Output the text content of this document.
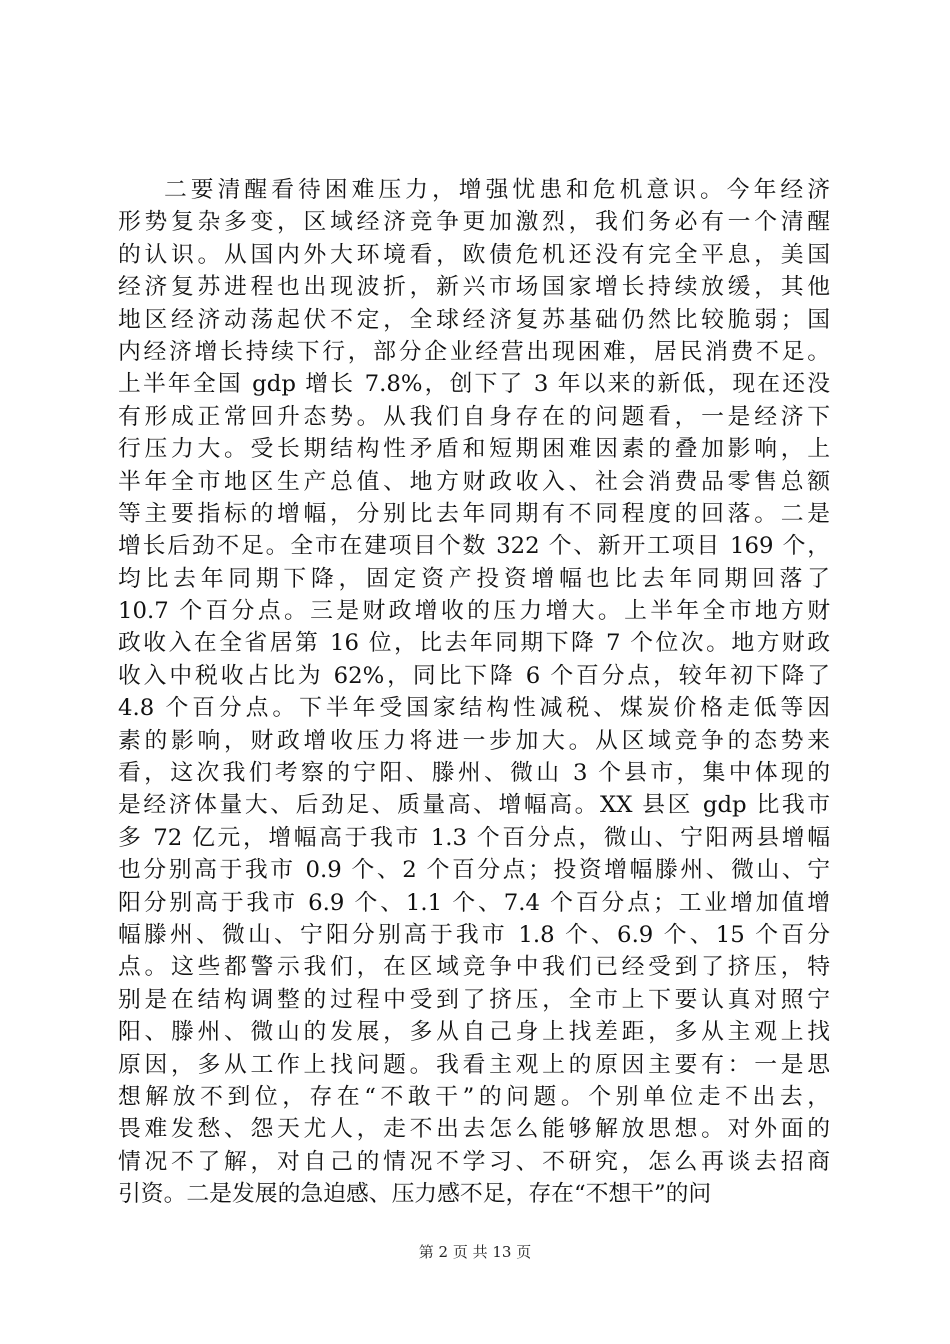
二要清醒看待困难压力，增强忧患和危机意识。今年经济
形势复杂多变，区域经济竞争更加激烈，我们务必有一个清醒
的认识。从国内外大环境看，欧债危机还没有完全平息，美国
经济复苏进程也出现波折，新兴市场国家增长持续放缓，其他
地区经济动荡起伏不定，全球经济复苏基础仍然比较脆弱；国
内经济增长持续下行，部分企业经营出现困难，居民消费不足。
上半年全国 gdp 增长 7.8%，创下了 3 年以来的新低，现在还没
有形成正常回升态势。从我们自身存在的问题看，一是经济下
行压力大。受长期结构性矛盾和短期困难因素的叠加影响，上
半年全市地区生产总值、地方财政收入、社会消费品零售总额
等主要指标的增幅，分别比去年同期有不同程度的回落。二是
增长后劲不足。全市在建项目个数 322 个、新开工项目 169 个，
均比去年同期下降，固定资产投资增幅也比去年同期回落了
10.7 个百分点。三是财政增收的压力增大。上半年全市地方财
政收入在全省居第 16 位，比去年同期下降 7 个位次。地方财政
收入中税收占比为 62%，同比下降 6 个百分点，较年初下降了
4.8 个百分点。下半年受国家结构性减税、煤炭价格走低等因
素的影响，财政增收压力将进一步加大。从区域竞争的态势来
看，这次我们考察的宁阳、滕州、微山 3 个县市，集中体现的
是经济体量大、后劲足、质量高、增幅高。XX 县区 gdp 比我市
多 72 亿元，增幅高于我市 1.3 个百分点，微山、宁阳两县增幅
也分别高于我市 0.9 个、2 个百分点；投资增幅滕州、微山、宁
阳分别高于我市 6.9 个、1.1 个、7.4 个百分点；工业增加值增
幅滕州、微山、宁阳分别高于我市 1.8 个、6.9 个、15 个百分
点。这些都警示我们，在区域竞争中我们已经受到了挤压，特
别是在结构调整的过程中受到了挤压，全市上下要认真对照宁
阳、滕州、微山的发展，多从自己身上找差距，多从主观上找
原因，多从工作上找问题。我看主观上的原因主要有：一是思
想解放不到位，存在“不敢干”的问题。个别单位走不出去，
畏难发愁、怨天尤人，走不出去怎么能够解放思想。对外面的
情况不了解，对自己的情况不学习、不研究，怎么再谈去招商
引资。二是发展的急迫感、压力感不足，存在“不想干”的问
第 2 页 共 13 页
